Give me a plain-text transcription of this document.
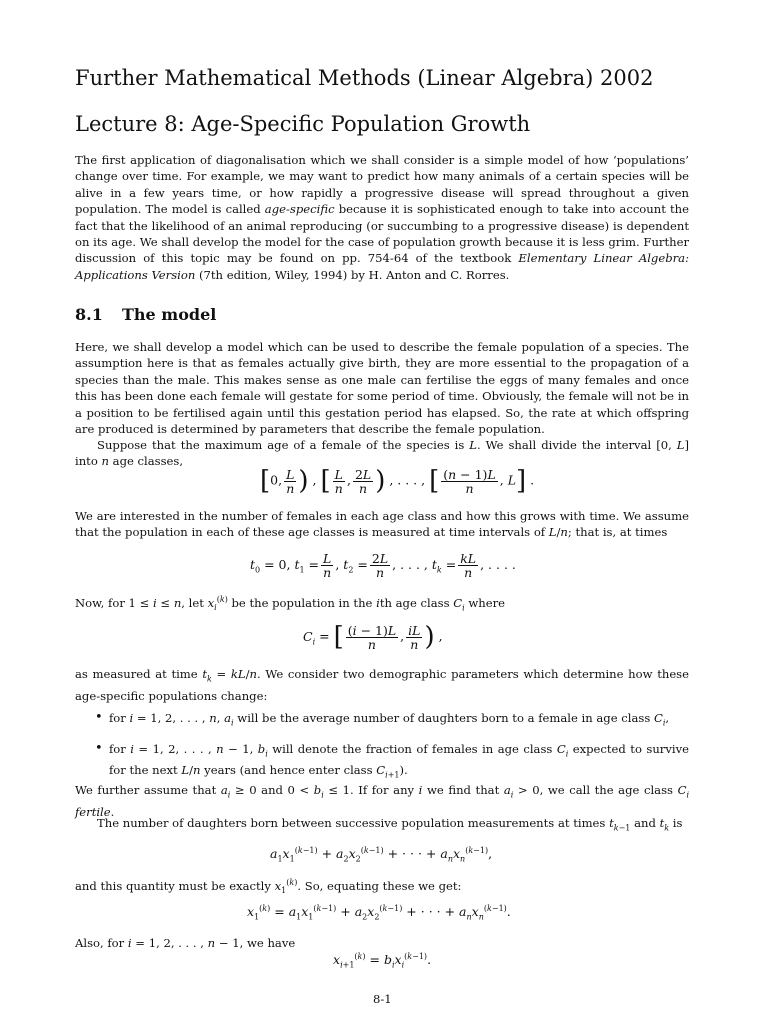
Further Mathematical Methods (Linear Algebra) 2002
Lecture 8: Age-Specific Population Growth

The first application of diagonalisation which we shall consider is a simple model of how ‘populations’ change over time. For example, we may want to predict how many animals of a certain species will be alive in a few years time, or how rapidly a progressive disease will spread throughout a given population. The model is called age-specific because it is sophisticated enough to take into account the fact that the likelihood of an animal reproducing (or succumbing to a progressive disease) is dependent on its age. We shall develop the model for the case of population growth because it is less grim. Further discussion of this topic may be found on pp. 754-64 of the textbook Elementary Linear Algebra: Applications Version (7th edition, Wiley, 1994) by H. Anton and C. Rorres.

8.1 The model

Here, we shall develop a model which can be used to describe the female population of a species. The assumption here is that as females actually give birth, they are more essential to the propagation of a species than the male. This makes sense as one male can fertilise the eggs of many females and once this has been done each female will gestate for some period of time. Obviously, the female will not be in a position to be fertilised again until this gestation period has elapsed. So, the rate at which offspring are produced is determined by parameters that describe the female population.

Suppose that the maximum age of a female of the species is L. We shall divide the interval [0, L] into n age classes,

[0, $\frac{L}{n}$ ) , [ $\frac{L}{n}$ , $\frac{2L}{n}$ ) , . . . , [ $\frac{(n - 1)L}{n}$ , L] .

We are interested in the number of females in each age class and how this grows with time. We assume that the population in each of these age classes is measured at time intervals of L/n; that is, at times

$t_0 = 0$, $t_1 = \frac{L}{n}$ , $t_2 = \frac{2L}{n}$ , . . . , $t_k = \frac{kL}{n}$ , . . . .

Now, for 1 ≤ i ≤ n, let $x_i^{(k)}$ be the population in the ith age class $C_i$ where

$C_i$ = [ $\frac{(i - 1)L}{n}$ , $\frac{iL}{n}$ ) ,

as measured at time $t_k = kL/n$. We consider two demographic parameters which determine how these age-specific populations change:

• for i = 1, 2, . . . , n, $a_i$ will be the average number of daughters born to a female in age class $C_i$,
• for i = 1, 2, . . . , n − 1, $b_i$ will denote the fraction of females in age class $C_i$ expected to survive for the next L/n years (and hence enter class $C_{i+1}$).

We further assume that $a_i \ge 0$ and $0 < b_i \le 1$. If for any i we find that $a_i > 0$, we call the age class $C_i$ fertile.

The number of daughters born between successive population measurements at times $t_{k-1}$ and $t_k$ is

$a_1x_1^{(k-1)} + a_2x_2^{(k-1)}$ + · · · + $a_nx_n^{(k-1)}$,

and this quantity must be exactly $x_1^{(k)}$. So, equating these we get:

$x_1^{(k)} = a_1x_1^{(k-1)} + a_2x_2^{(k-1)}$ + · · · + $a_nx_n^{(k-1)}$.

Also, for i = 1, 2, . . . , n − 1, we have

$x_{i+1}^{(k)} = b_ix_i^{(k-1)}$.
8-1
